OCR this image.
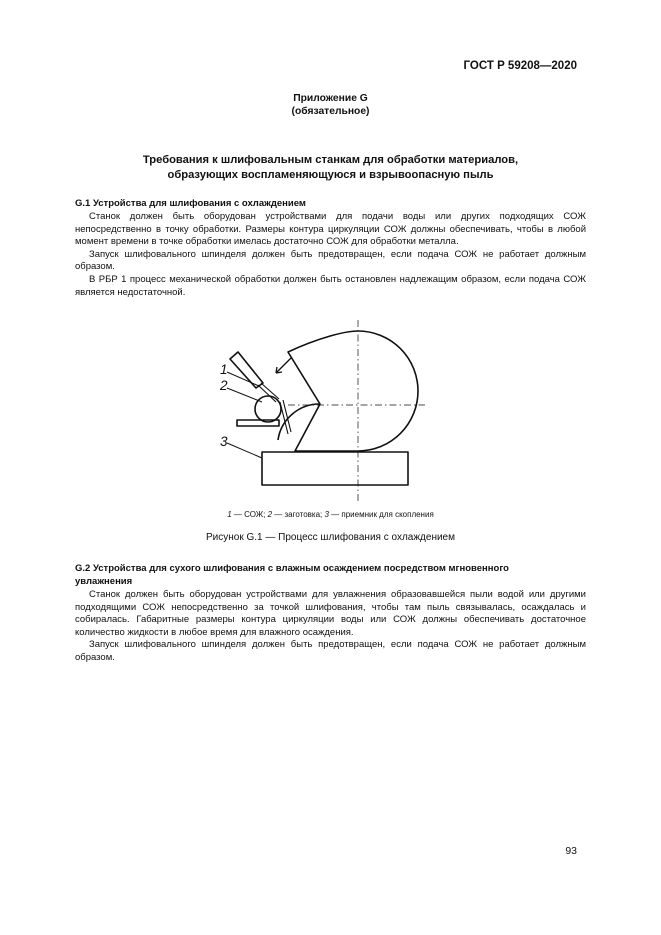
ГОСТ Р 59208—2020
Приложение G
(обязательное)
Требования к шлифовальным станкам для обработки материалов,
образующих воспламеняющуюся и взрывоопасную пыль
G.1 Устройства для шлифования с охлаждением

Станок должен быть оборудован устройствами для подачи воды или других подходящих СОЖ непосредственно в точку обработки. Размеры контура циркуляции СОЖ должны обеспечивать, чтобы в любой момент времени в точке обработки имелась достаточно СОЖ для обработки металла.

Запуск шлифовального шпинделя должен быть предотвращен, если подача СОЖ не работает должным образом.

В РБР 1 процесс механической обработки должен быть остановлен надлежащим образом, если подача СОЖ является недостаточной.

1
2
3
1 — СОЖ; 2 — заготовка; 3 — приемник для скопления
Рисунок G.1 — Процесс шлифования с охлаждением
G.2 Устройства для сухого шлифования с влажным осаждением посредством мгновенного
увлажнения

Станок должен быть оборудован устройствами для увлажнения образовавшейся пыли водой или другими подходящими СОЖ непосредственно за точкой шлифования, чтобы там пыль связывалась, осаждалась и собиралась. Габаритные размеры контура циркуляции воды или СОЖ должны обеспечивать достаточное количество жидкости в любое время для влажного осаждения.

Запуск шлифовального шпинделя должен быть предотвращен, если подача СОЖ не работает должным образом.

93
